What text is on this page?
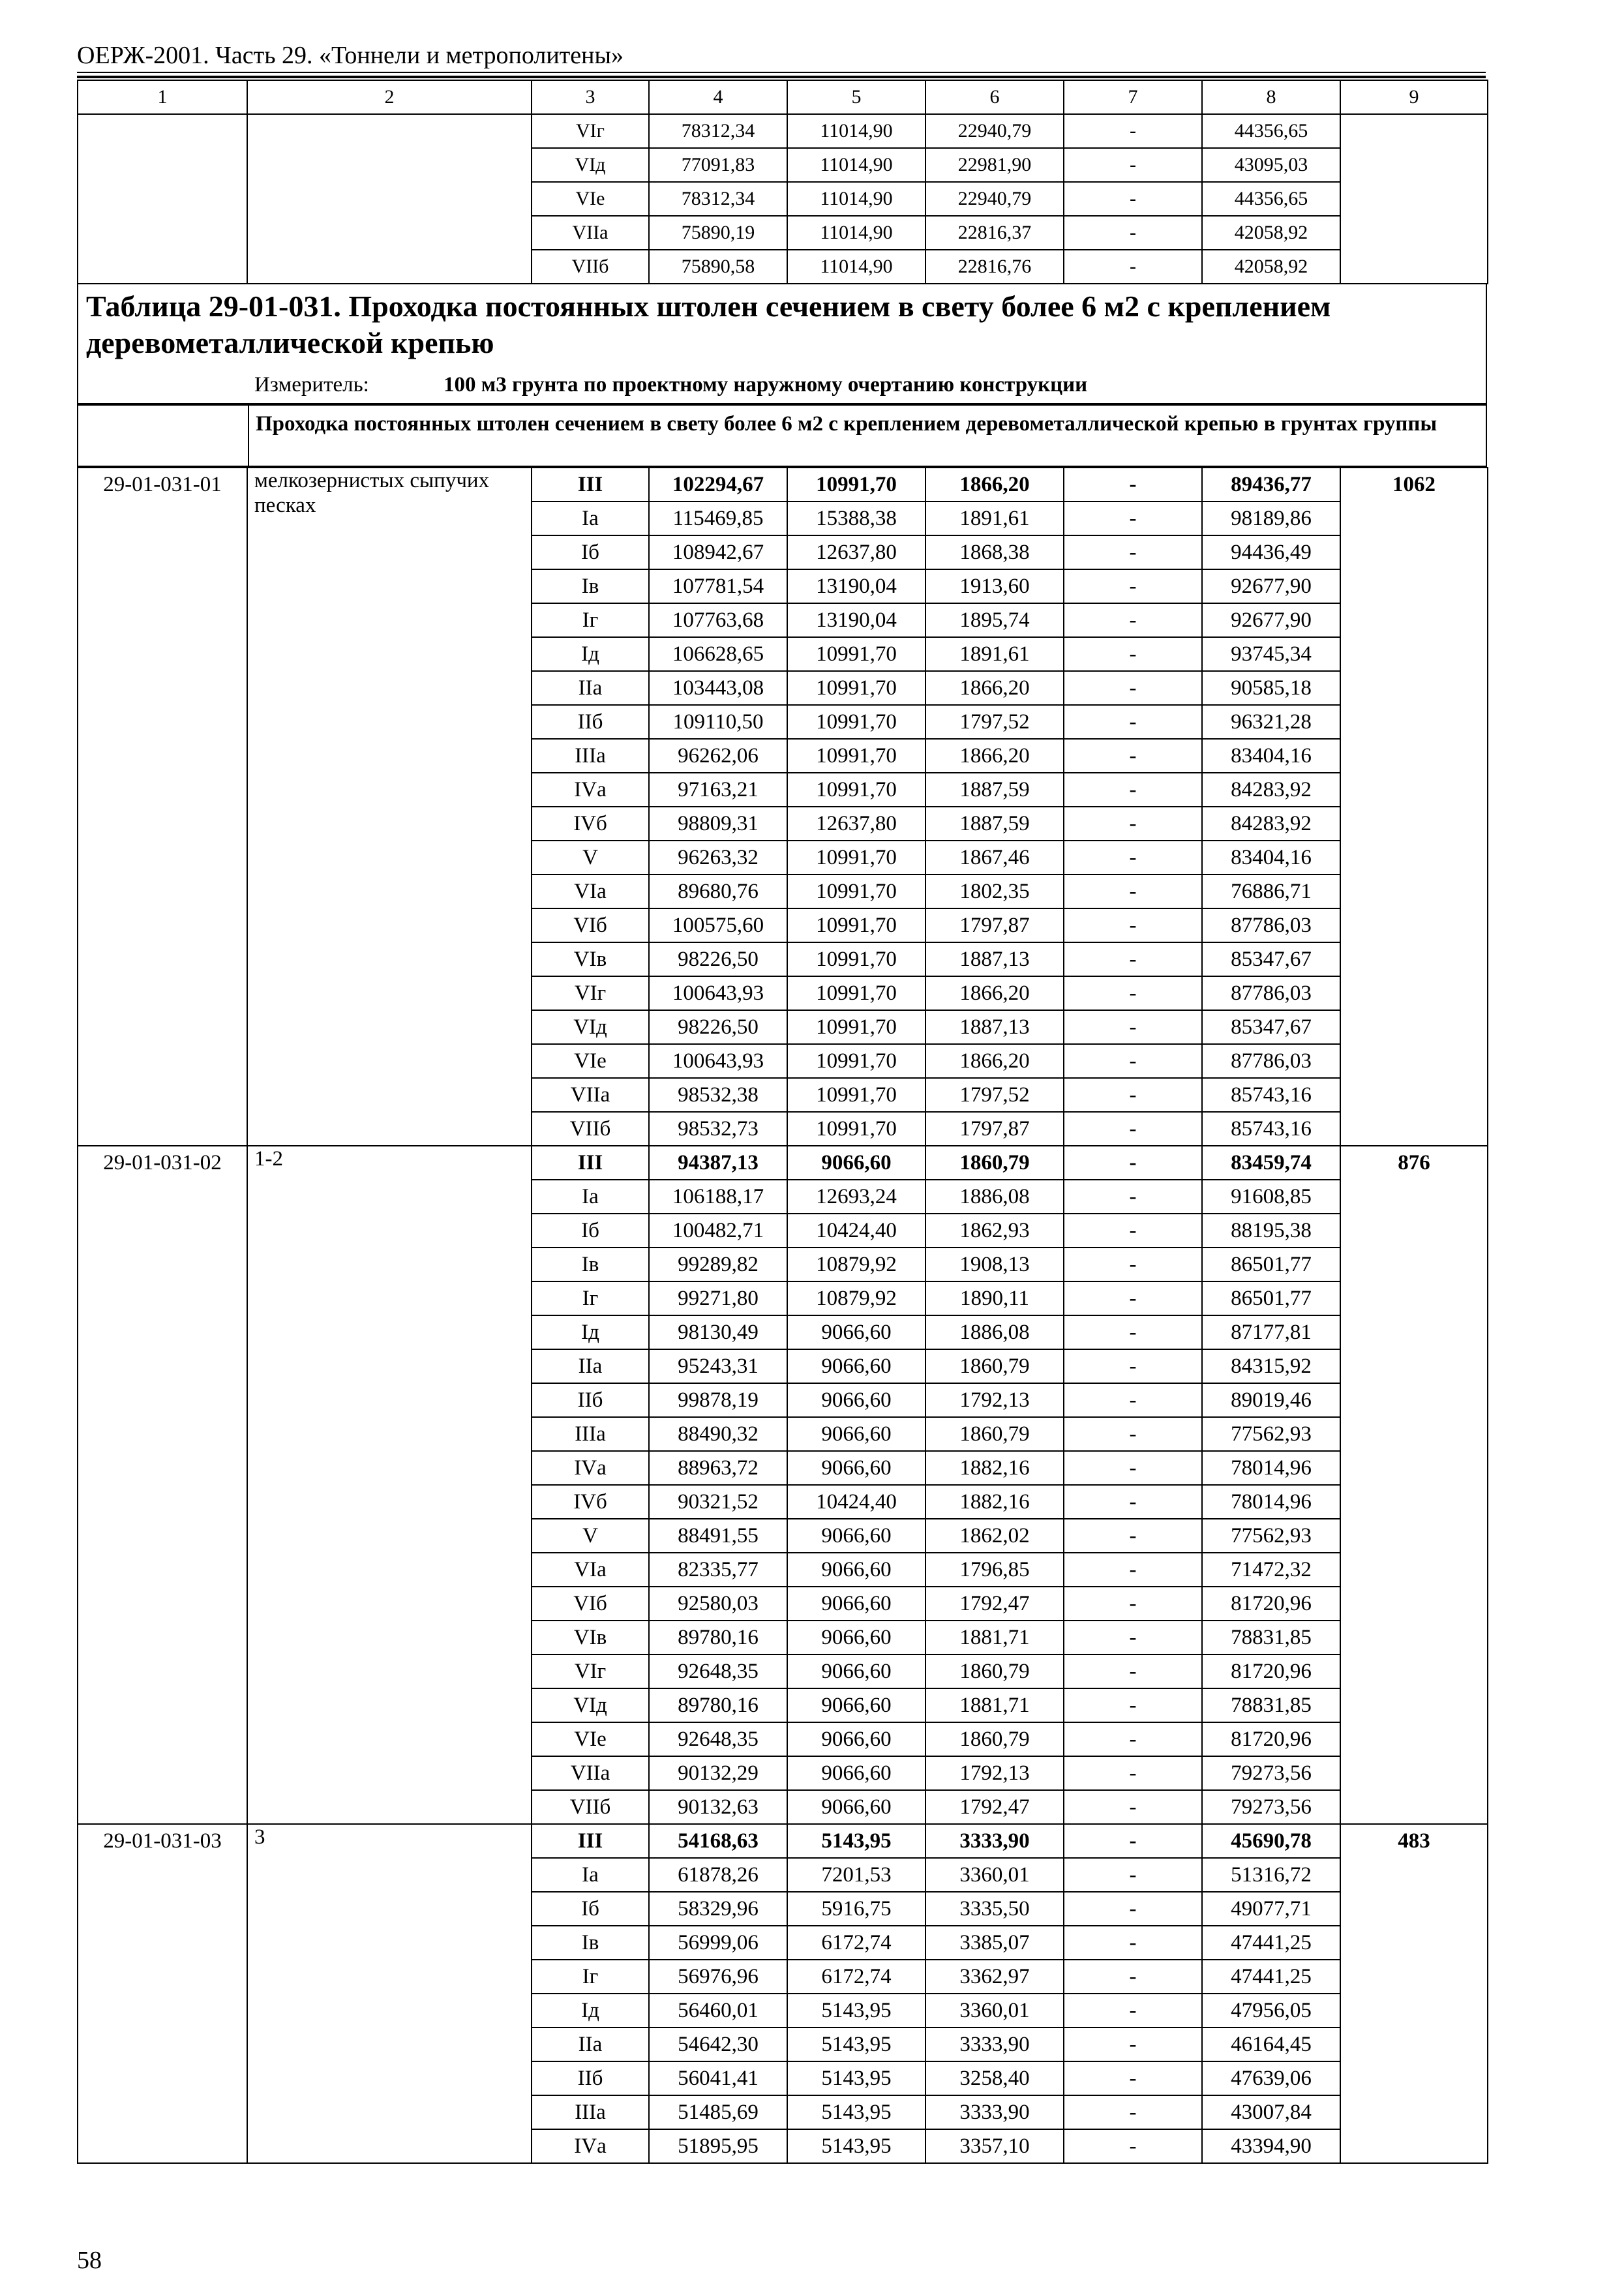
ОЕРЖ-2001. Часть 29. «Тоннели и метрополитены»
1	2	3	4	5	6	7	8	9
		VIг	78312,34	11014,90	22940,79	-	44356,65	
		VIд	77091,83	11014,90	22981,90	-	43095,03	
		VIе	78312,34	11014,90	22940,79	-	44356,65	
		VIIа	75890,19	11014,90	22816,37	-	42058,92	
		VIIб	75890,58	11014,90	22816,76	-	42058,92	
Таблица 29-01-031. Проходка постоянных штолен сечением в свету более 6 м2 с креплением деревометаллической крепью
Измеритель:	100 м3 грунта по проектному наружному очертанию конструкции
Проходка постоянных штолен сечением в свету более 6 м2 с креплением деревометаллической крепью в грунтах группы
29-01-031-01	мелкозернистых сыпучих песках	III	102294,67	10991,70	1866,20	-	89436,77	1062
		Iа	115469,85	15388,38	1891,61	-	98189,86	
		Iб	108942,67	12637,80	1868,38	-	94436,49	
		Iв	107781,54	13190,04	1913,60	-	92677,90	
		Iг	107763,68	13190,04	1895,74	-	92677,90	
		Iд	106628,65	10991,70	1891,61	-	93745,34	
		IIа	103443,08	10991,70	1866,20	-	90585,18	
		IIб	109110,50	10991,70	1797,52	-	96321,28	
		IIIа	96262,06	10991,70	1866,20	-	83404,16	
		IVа	97163,21	10991,70	1887,59	-	84283,92	
		IVб	98809,31	12637,80	1887,59	-	84283,92	
		V	96263,32	10991,70	1867,46	-	83404,16	
		VIа	89680,76	10991,70	1802,35	-	76886,71	
		VIб	100575,60	10991,70	1797,87	-	87786,03	
		VIв	98226,50	10991,70	1887,13	-	85347,67	
		VIг	100643,93	10991,70	1866,20	-	87786,03	
		VIд	98226,50	10991,70	1887,13	-	85347,67	
		VIе	100643,93	10991,70	1866,20	-	87786,03	
		VIIа	98532,38	10991,70	1797,52	-	85743,16	
		VIIб	98532,73	10991,70	1797,87	-	85743,16	
29-01-031-02	1-2	III	94387,13	9066,60	1860,79	-	83459,74	876
		Iа	106188,17	12693,24	1886,08	-	91608,85	
		Iб	100482,71	10424,40	1862,93	-	88195,38	
		Iв	99289,82	10879,92	1908,13	-	86501,77	
		Iг	99271,80	10879,92	1890,11	-	86501,77	
		Iд	98130,49	9066,60	1886,08	-	87177,81	
		IIа	95243,31	9066,60	1860,79	-	84315,92	
		IIб	99878,19	9066,60	1792,13	-	89019,46	
		IIIа	88490,32	9066,60	1860,79	-	77562,93	
		IVа	88963,72	9066,60	1882,16	-	78014,96	
		IVб	90321,52	10424,40	1882,16	-	78014,96	
		V	88491,55	9066,60	1862,02	-	77562,93	
		VIа	82335,77	9066,60	1796,85	-	71472,32	
		VIб	92580,03	9066,60	1792,47	-	81720,96	
		VIв	89780,16	9066,60	1881,71	-	78831,85	
		VIг	92648,35	9066,60	1860,79	-	81720,96	
		VIд	89780,16	9066,60	1881,71	-	78831,85	
		VIе	92648,35	9066,60	1860,79	-	81720,96	
		VIIа	90132,29	9066,60	1792,13	-	79273,56	
		VIIб	90132,63	9066,60	1792,47	-	79273,56	
29-01-031-03	3	III	54168,63	5143,95	3333,90	-	45690,78	483
		Iа	61878,26	7201,53	3360,01	-	51316,72	
		Iб	58329,96	5916,75	3335,50	-	49077,71	
		Iв	56999,06	6172,74	3385,07	-	47441,25	
		Iг	56976,96	6172,74	3362,97	-	47441,25	
		Iд	56460,01	5143,95	3360,01	-	47956,05	
		IIа	54642,30	5143,95	3333,90	-	46164,45	
		IIб	56041,41	5143,95	3258,40	-	47639,06	
		IIIа	51485,69	5143,95	3333,90	-	43007,84	
		IVа	51895,95	5143,95	3357,10	-	43394,90	
58
